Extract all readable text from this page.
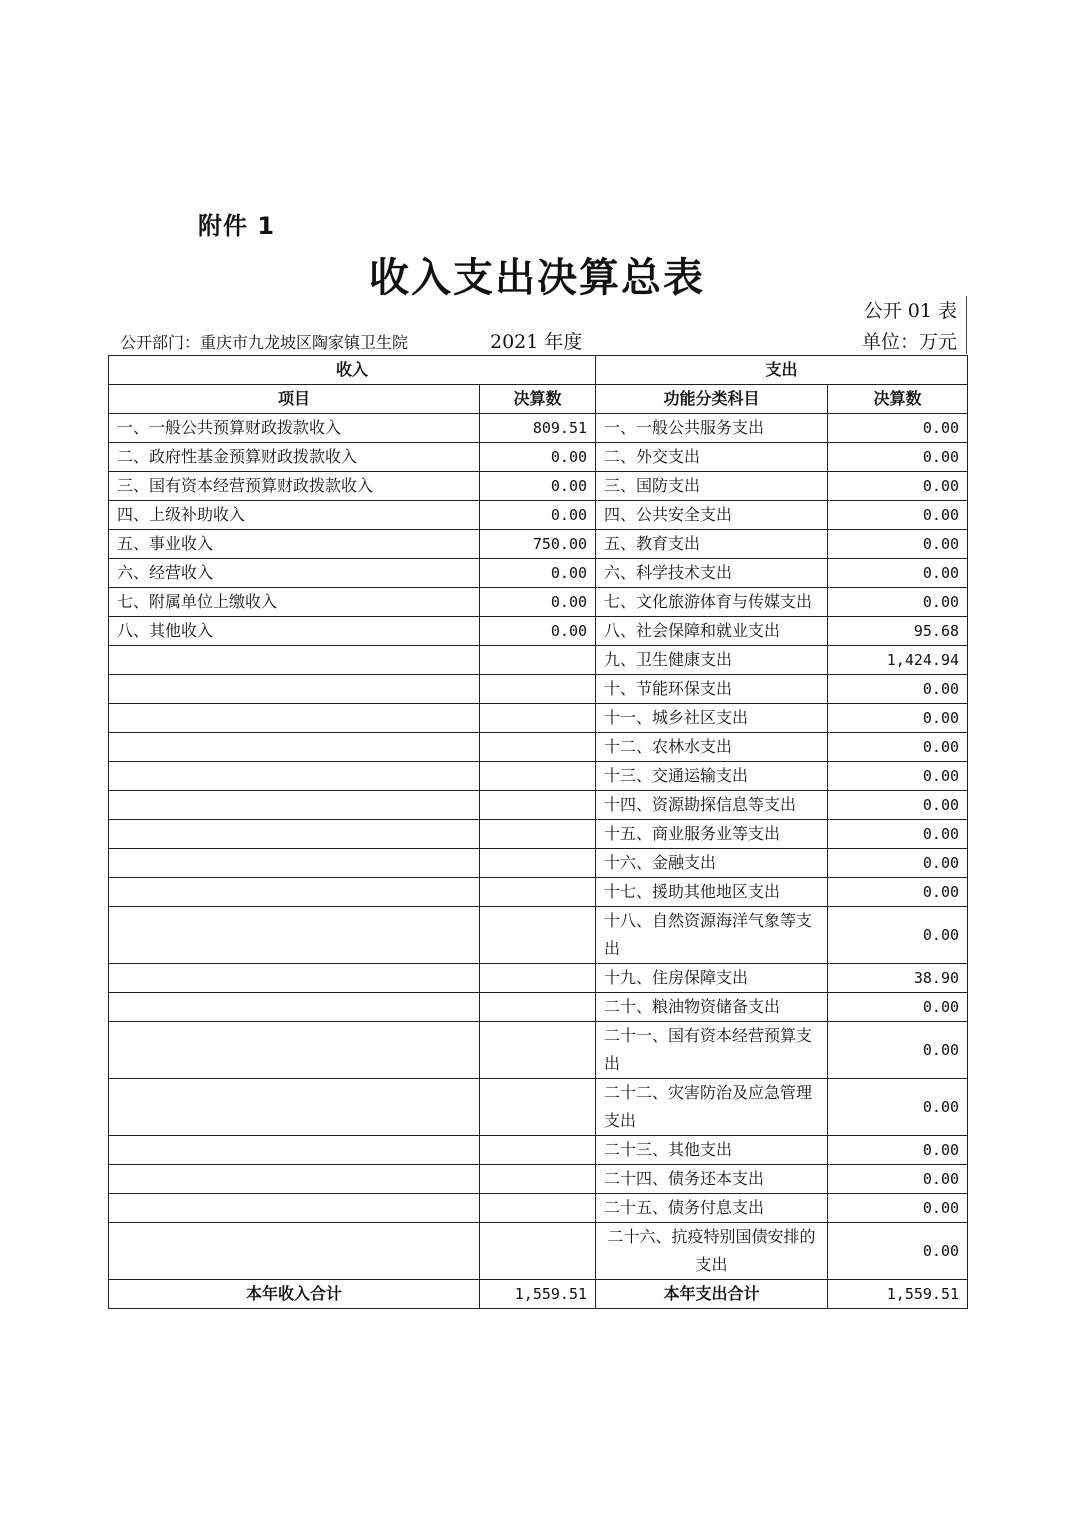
附件 1
收入支出决算总表
公开 01 表
公开部门：重庆市九龙坡区陶家镇卫生院	2021 年度	单位：万元
收入		支出	
项目	决算数	功能分类科目	决算数
一、一般公共预算财政拨款收入	809.51	一、一般公共服务支出	0.00
二、政府性基金预算财政拨款收入	0.00	二、外交支出	0.00
三、国有资本经营预算财政拨款收入	0.00	三、国防支出	0.00
四、上级补助收入	0.00	四、公共安全支出	0.00
五、事业收入	750.00	五、教育支出	0.00
六、经营收入	0.00	六、科学技术支出	0.00
七、附属单位上缴收入	0.00	七、文化旅游体育与传媒支出	0.00
八、其他收入	0.00	八、社会保障和就业支出	95.68
		九、卫生健康支出	1,424.94
		十、节能环保支出	0.00
		十一、城乡社区支出	0.00
		十二、农林水支出	0.00
		十三、交通运输支出	0.00
		十四、资源勘探信息等支出	0.00
		十五、商业服务业等支出	0.00
		十六、金融支出	0.00
		十七、援助其他地区支出	0.00
		十八、自然资源海洋气象等支出	0.00
		十九、住房保障支出	38.90
		二十、粮油物资储备支出	0.00
		二十一、国有资本经营预算支出	0.00
		二十二、灾害防治及应急管理支出	0.00
		二十三、其他支出	0.00
		二十四、债务还本支出	0.00
		二十五、债务付息支出	0.00
		二十六、抗疫特别国债安排的支出	0.00
本年收入合计	1,559.51	本年支出合计	1,559.51
